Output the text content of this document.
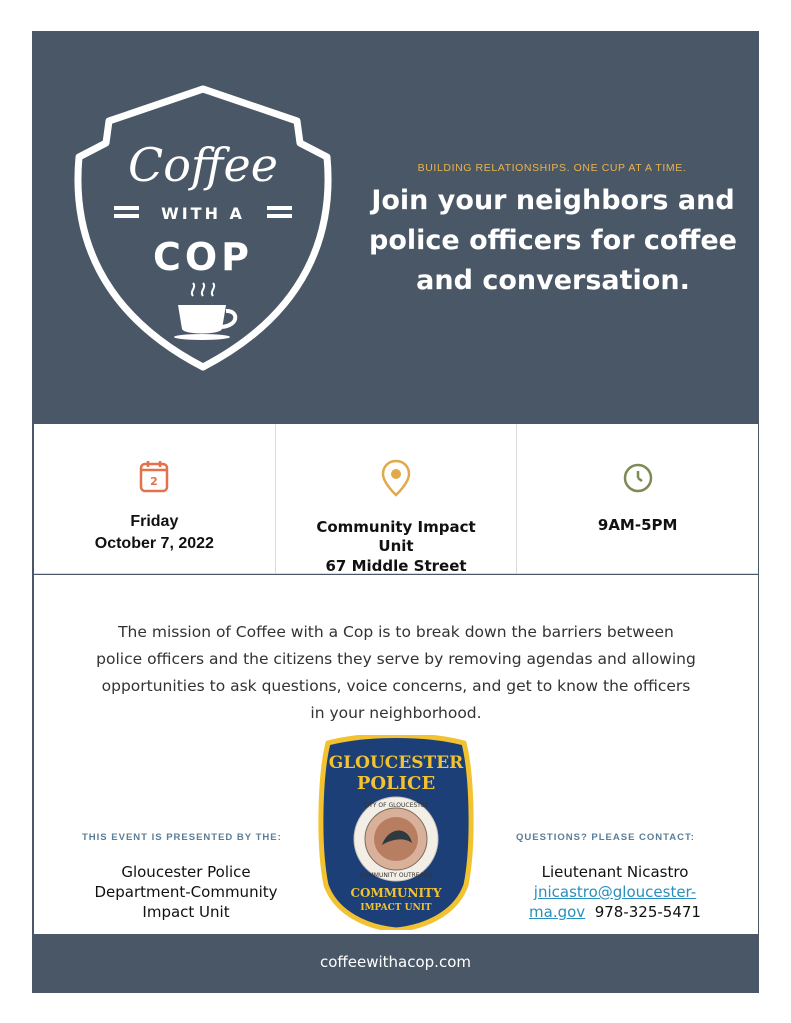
Coffee
WITH A
COP
BUILDING RELATIONSHIPS. ONE CUP AT A TIME.
Join your neighbors and
police officers for coffee
and conversation.
2
Friday
October 7, 2022
Community Impact
Unit
67 Middle Street
9AM-5PM
The mission of Coffee with a Cop is to break down the barriers between police officers and the citizens they serve by removing agendas and allowing opportunities to ask questions, voice concerns, and get to know the officers in your neighborhood.
THIS EVENT IS PRESENTED BY THE:
Gloucester Police
Department-Community
Impact Unit
GLOUCESTER
POLICE
CITY OF GLOUCESTER
COMMUNITY OUTREACH
COMMUNITY
IMPACT UNIT
QUESTIONS? PLEASE CONTACT:
Lieutenant Nicastro
jnicastro@gloucester-
ma.gov 978-325-5471
coffeewithacop.com
